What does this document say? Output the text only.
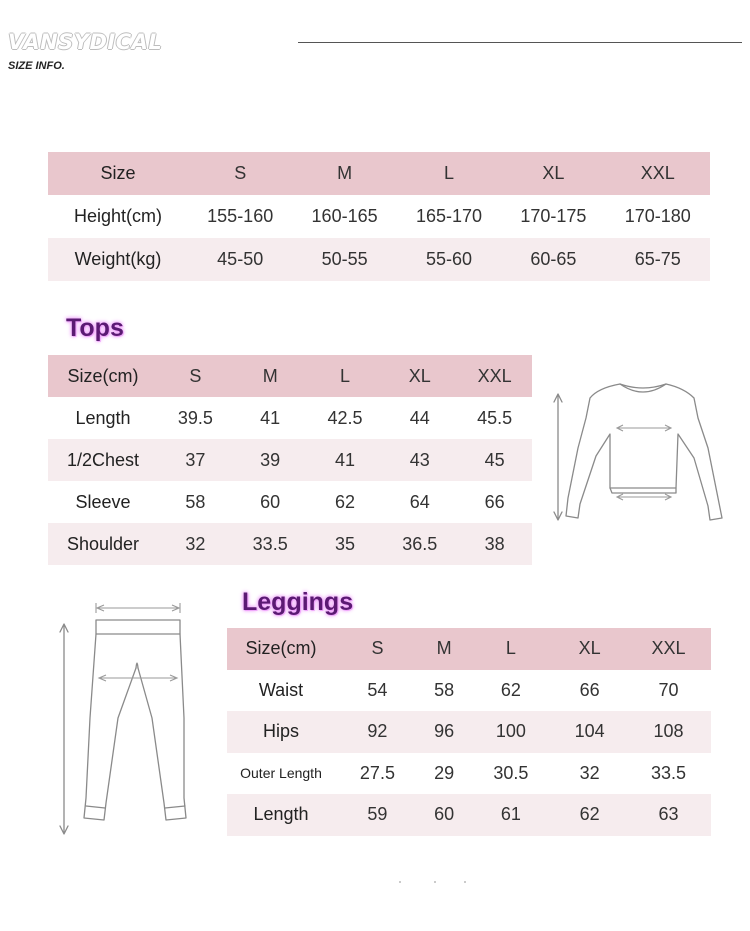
VANSYDICAL
SIZE INFO.
Size	S	M	L	XL	XXL
Height(cm)	155-160	160-165	165-170	170-175	170-180
Weight(kg)	45-50	50-55	55-60	60-65	65-75
Tops
Size(cm)	S	M	L	XL	XXL
Length	39.5	41	42.5	44	45.5
1/2Chest	37	39	41	43	45
Sleeve	58	60	62	64	66
Shoulder	32	33.5	35	36.5	38
Leggings
Size(cm)	S	M	L	XL	XXL
Waist	54	58	62	66	70
Hips	92	96	100	104	108
Outer Length	27.5	29	30.5	32	33.5
Length	59	60	61	62	63
